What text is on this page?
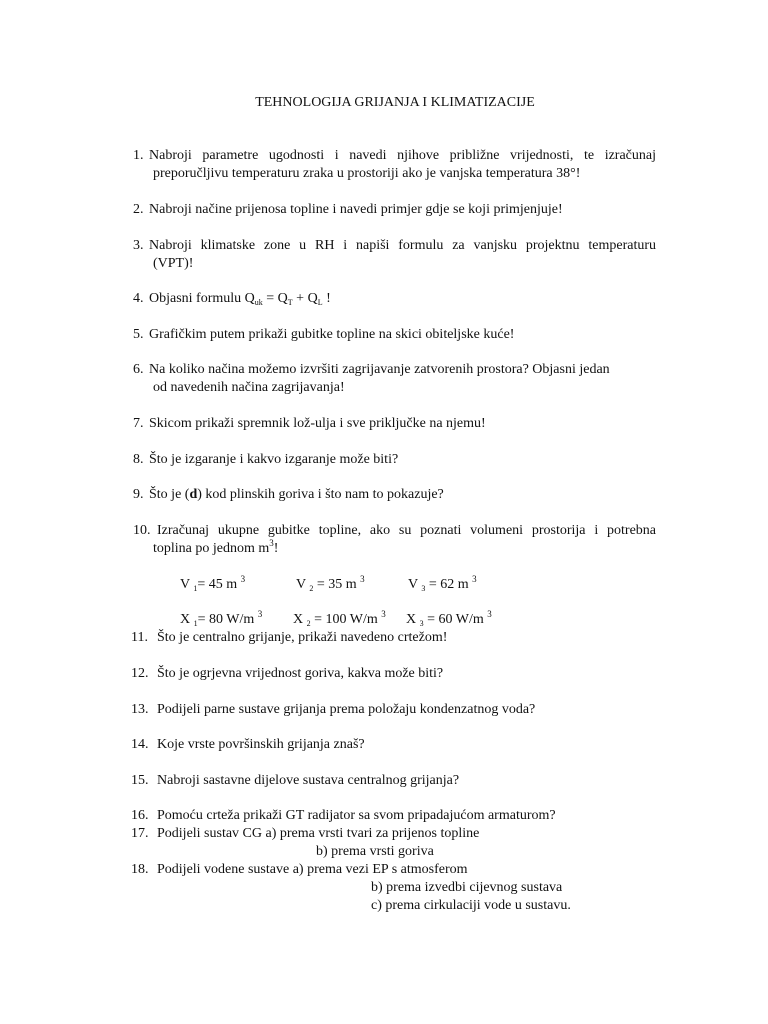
TEHNOLOGIJA GRIJANJA I KLIMATIZACIJE
1. Nabroji parametre ugodnosti i navedi njihove približne vrijednosti, te izračunaj
preporučljivu temperaturu zraka u prostoriji ako je vanjska temperatura 38°!
2. Nabroji načine prijenosa topline i navedi primjer gdje se koji primjenjuje!
3. Nabroji klimatske zone u RH i napiši formulu za vanjsku projektnu temperaturu
(VPT)!
4. Objasni formulu $Q_{uk} = Q_T + Q_L$ !
5. Grafičkim putem prikaži gubitke topline na skici obiteljske kuće!
6. Na koliko načina možemo izvršiti zagrijavanje zatvorenih prostora? Objasni jedan
od navedenih načina zagrijavanja!
7. Skicom prikaži spremnik lož-ulja i sve priključke na njemu!
8. Što je izgaranje i kakvo izgaranje može biti?
9. Što je (d) kod plinskih goriva i što nam to pokazuje?
10. Izračunaj ukupne gubitke topline, ako su poznati volumeni prostorija i potrebna
toplina po jednom $m^3$!
V $_1$= 45 m $^3$	V $_2$ = 35 m $^3$	V $_3$ = 62 m $^3$
X $_1$= 80 W/m $^3$ X $_2$ = 100 W/m $^3$ X $_3$ = 60 W/m $^3$
11. Što je centralno grijanje, prikaži navedeno crtežom!
12. Što je ogrjevna vrijednost goriva, kakva može biti?
13. Podijeli parne sustave grijanja prema položaju kondenzatnog voda?
14. Koje vrste površinskih grijanja znaš?
15. Nabroji sastavne dijelove sustava centralnog grijanja?
16. Pomoću crteža prikaži GT radijator sa svom pripadajućom armaturom?
17. Podijeli sustav CG a) prema vrsti tvari za prijenos topline
b) prema vrsti goriva
18. Podijeli vodene sustave a) prema vezi EP s atmosferom
b) prema izvedbi cijevnog sustava
c) prema cirkulaciji vode u sustavu.
